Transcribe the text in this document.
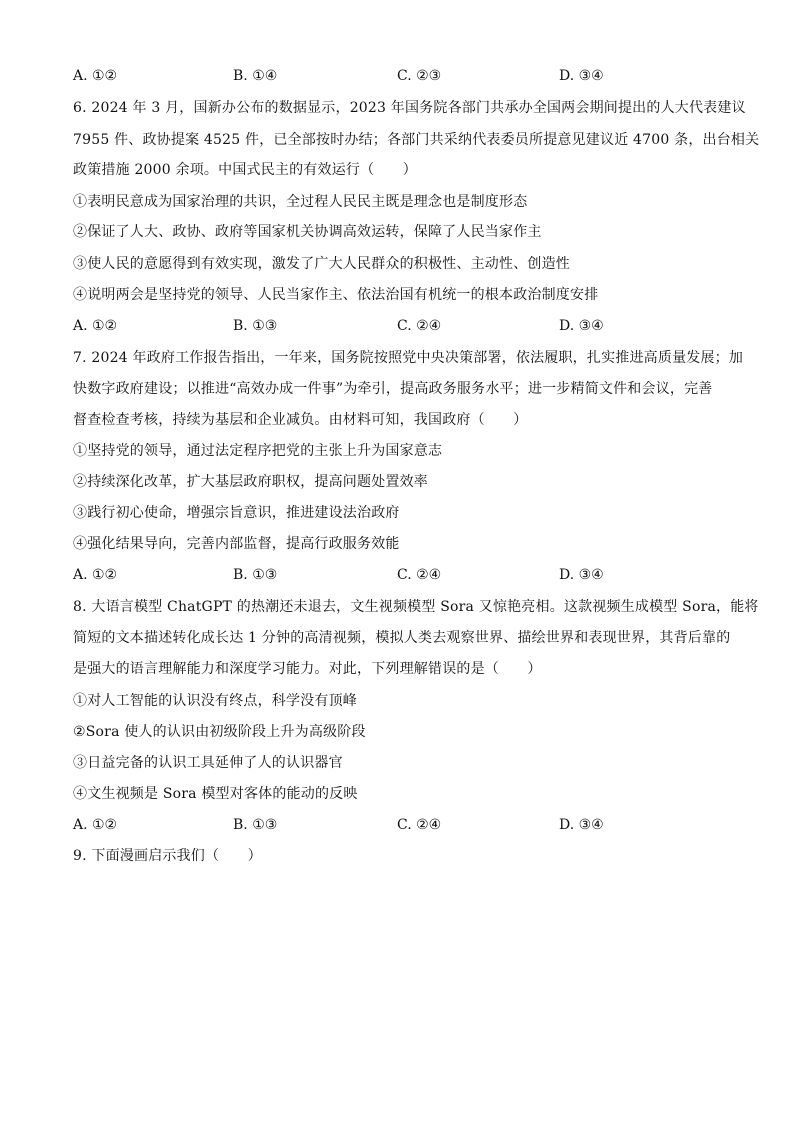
A. ①②	B. ①④	C. ②③	D. ③④
6. 2024 年 3 月，国新办公布的数据显示，2023 年国务院各部门共承办全国两会期间提出的人大代表建议
7955 件、政协提案 4525 件，已全部按时办结；各部门共采纳代表委员所提意见建议近 4700 条，出台相关
政策措施 2000 余项。中国式民主的有效运行（　　）
①表明民意成为国家治理的共识，全过程人民民主既是理念也是制度形态
②保证了人大、政协、政府等国家机关协调高效运转，保障了人民当家作主
③使人民的意愿得到有效实现，激发了广大人民群众的积极性、主动性、创造性
④说明两会是坚持党的领导、人民当家作主、依法治国有机统一的根本政治制度安排
A. ①②	B. ①③	C. ②④	D. ③④
7. 2024 年政府工作报告指出，一年来，国务院按照党中央决策部署，依法履职，扎实推进高质量发展；加
快数字政府建设；以推进“高效办成一件事”为牵引，提高政务服务水平；进一步精简文件和会议，完善
督查检查考核，持续为基层和企业减负。由材料可知，我国政府（　　）
①坚持党的领导，通过法定程序把党的主张上升为国家意志
②持续深化改革，扩大基层政府职权，提高问题处置效率
③践行初心使命，增强宗旨意识，推进建设法治政府
④强化结果导向，完善内部监督，提高行政服务效能
A. ①②	B. ①③	C. ②④	D. ③④
8. 大语言模型 ChatGPT 的热潮还未退去，文生视频模型 Sora 又惊艳亮相。这款视频生成模型 Sora，能将
简短的文本描述转化成长达 1 分钟的高清视频，模拟人类去观察世界、描绘世界和表现世界，其背后靠的
是强大的语言理解能力和深度学习能力。对此，下列理解错误的是（　　）
①对人工智能的认识没有终点，科学没有顶峰
②Sora 使人的认识由初级阶段上升为高级阶段
③日益完备的认识工具延伸了人的认识器官
④文生视频是 Sora 模型对客体的能动的反映
A. ①②	B. ①③	C. ②④	D. ③④
9. 下面漫画启示我们（　　）
